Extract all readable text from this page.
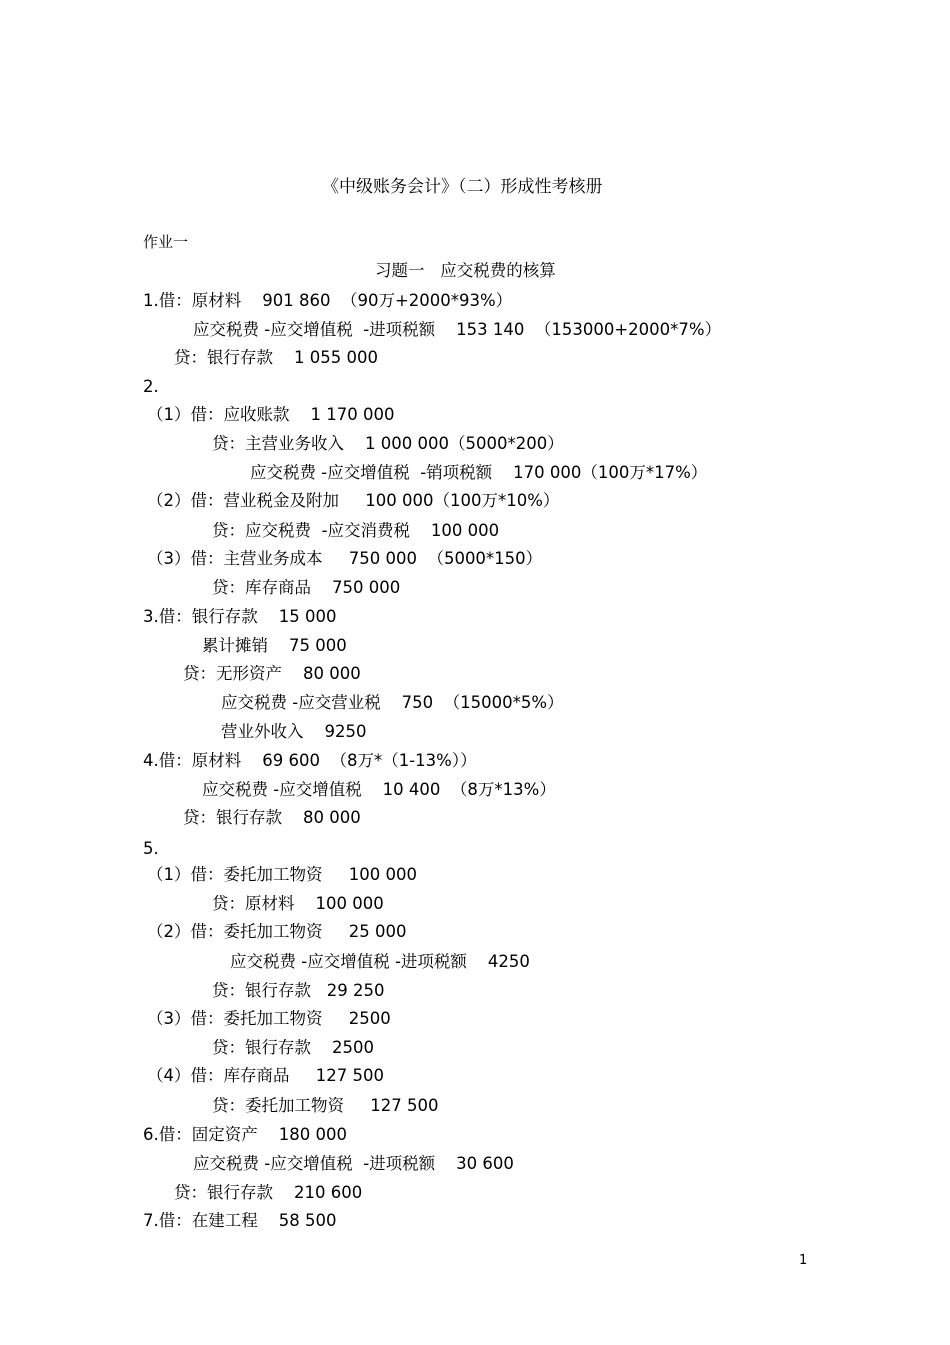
《中级账务会计》（二）形成性考核册
作业一
习题一   应交税费的核算
1.借：原材料    901 860  （90万+2000*93%）
应交税费 -应交增值税  -进项税额    153 140  （153000+2000*7%）
贷：银行存款    1 055 000
2.
（1）借：应收账款    1 170 000
贷：主营业务收入    1 000 000（5000*200）
应交税费 -应交增值税  -销项税额    170 000（100万*17%）
（2）借：营业税金及附加     100 000（100万*10%）
贷：应交税费  -应交消费税    100 000
（3）借：主营业务成本     750 000  （5000*150）
贷：库存商品    750 000
3.借：银行存款    15 000
累计摊销    75 000
贷：无形资产    80 000
应交税费 -应交营业税    750  （15000*5%）
营业外收入    9250
4.借：原材料    69 600  （8万*（1-13%））
应交税费 -应交增值税    10 400  （8万*13%）
贷：银行存款    80 000
5.
（1）借：委托加工物资     100 000
贷：原材料    100 000
（2）借：委托加工物资     25 000
应交税费 -应交增值税 -进项税额    4250
贷：银行存款   29 250
（3）借：委托加工物资     2500
贷：银行存款    2500
（4）借：库存商品     127 500
贷：委托加工物资     127 500
6.借：固定资产    180 000
应交税费 -应交增值税  -进项税额    30 600
贷：银行存款    210 600
7.借：在建工程    58 500
1
